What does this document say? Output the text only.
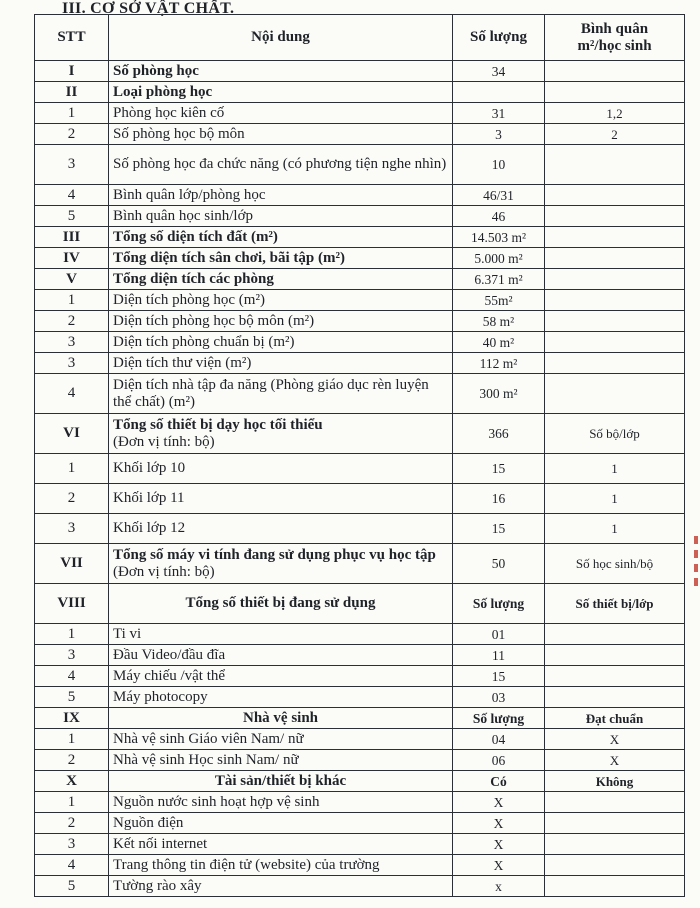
III. CƠ SỞ VẬT CHẤT.
STT	Nội dung	Số lượng	Bình quân
m²/học sinh

I	Số phòng học	34	
II	Loại phòng học		
1	Phòng học kiên cố	31	1,2
2	Số phòng học bộ môn	3	2
3	Số phòng học đa chức năng (có phương tiện nghe nhìn)	10	
4	Bình quân lớp/phòng học	46/31	
5	Bình quân học sinh/lớp	46	
III	Tổng số diện tích đất (m²)	14.503 m²	
IV	Tổng diện tích sân chơi, bãi tập (m²)	5.000 m²	
V	Tổng diện tích các phòng	6.371 m²	
1	Diện tích phòng học (m²)	55m²	
2	Diện tích phòng học bộ môn (m²)	58 m²	
3	Diện tích phòng chuẩn bị (m²)	40 m²	
3	Diện tích thư viện (m²)	112 m²	
4	Diện tích nhà tập đa năng (Phòng giáo dục rèn luyện thể chất) (m²)	300 m²	
VI	Tổng số thiết bị dạy học tối thiểu
(Đơn vị tính: bộ)	366	Số bộ/lớp
1	Khối lớp 10	15	1
2	Khối lớp 11	16	1
3	Khối lớp 12	15	1
VII	Tổng số máy vi tính đang sử dụng phục vụ học tập
(Đơn vị tính: bộ)	50	Số học sinh/bộ
VIII	Tổng số thiết bị đang sử dụng	Số lượng	Số thiết bị/lớp
1	Ti vi	01	
3	Đầu Video/đầu đĩa	11	
4	Máy chiếu /vật thể	15	
5	Máy photocopy	03	
IX	Nhà vệ sinh	Số lượng	Đạt chuẩn
1	Nhà vệ sinh Giáo viên Nam/ nữ	04	X
2	Nhà vệ sinh Học sinh Nam/ nữ	06	X
X	Tài sản/thiết bị khác	Có	Không
1	Nguồn nước sinh hoạt hợp vệ sinh	X	
2	Nguồn điện	X	
3	Kết nối internet	X	
4	Trang thông tin điện tử (website) của trường	X	
5	Tường rào xây	x	
